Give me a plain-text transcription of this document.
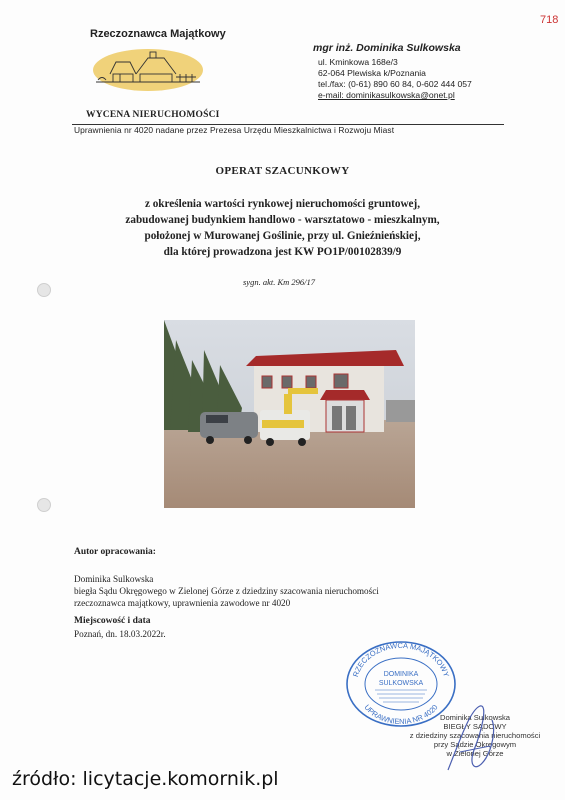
718
Rzeczoznawca Majątkowy
WYCENA NIERUCHOMOŚCI
Uprawnienia nr 4020 nadane przez Prezesa Urzędu Mieszkalnictwa i Rozwoju Miast
mgr inż. Dominika Sulkowska
ul. Kminkowa 168e/3
62-064 Plewiska k/Poznania
tel./fax: (0-61) 890 60 84, 0-602 444 057
e-mail: dominikasulkowska@onet.pl
OPERAT SZACUNKOWY
z określenia wartości rynkowej nieruchomości gruntowej,
zabudowanej budynkiem handlowo - warsztatowo - mieszkalnym,
położonej w Murowanej Goślinie, przy ul. Gnieźnieńskiej,
dla której prowadzona jest KW PO1P/00102839/9
sygn. akt. Km 296/17
Autor opracowania:
Dominika Sulkowska
biegła Sądu Okręgowego w Zielonej Górze z dziedziny szacowania nieruchomości
rzeczoznawca majątkowy, uprawnienia zawodowe nr 4020
Miejscowość i data
Poznań, dn. 18.03.2022r.
RZECZOZNAWCA MAJĄTKOWY
UPRAWNIENIA NR 4020
DOMINIKA
SULKOWSKA
Dominika Sulkowska
BIEGŁY SĄDOWY
z dziedziny szacowania nieruchomości
przy Sądzie Okręgowym
w Zielonej Górze
źródło: licytacje.komornik.pl
